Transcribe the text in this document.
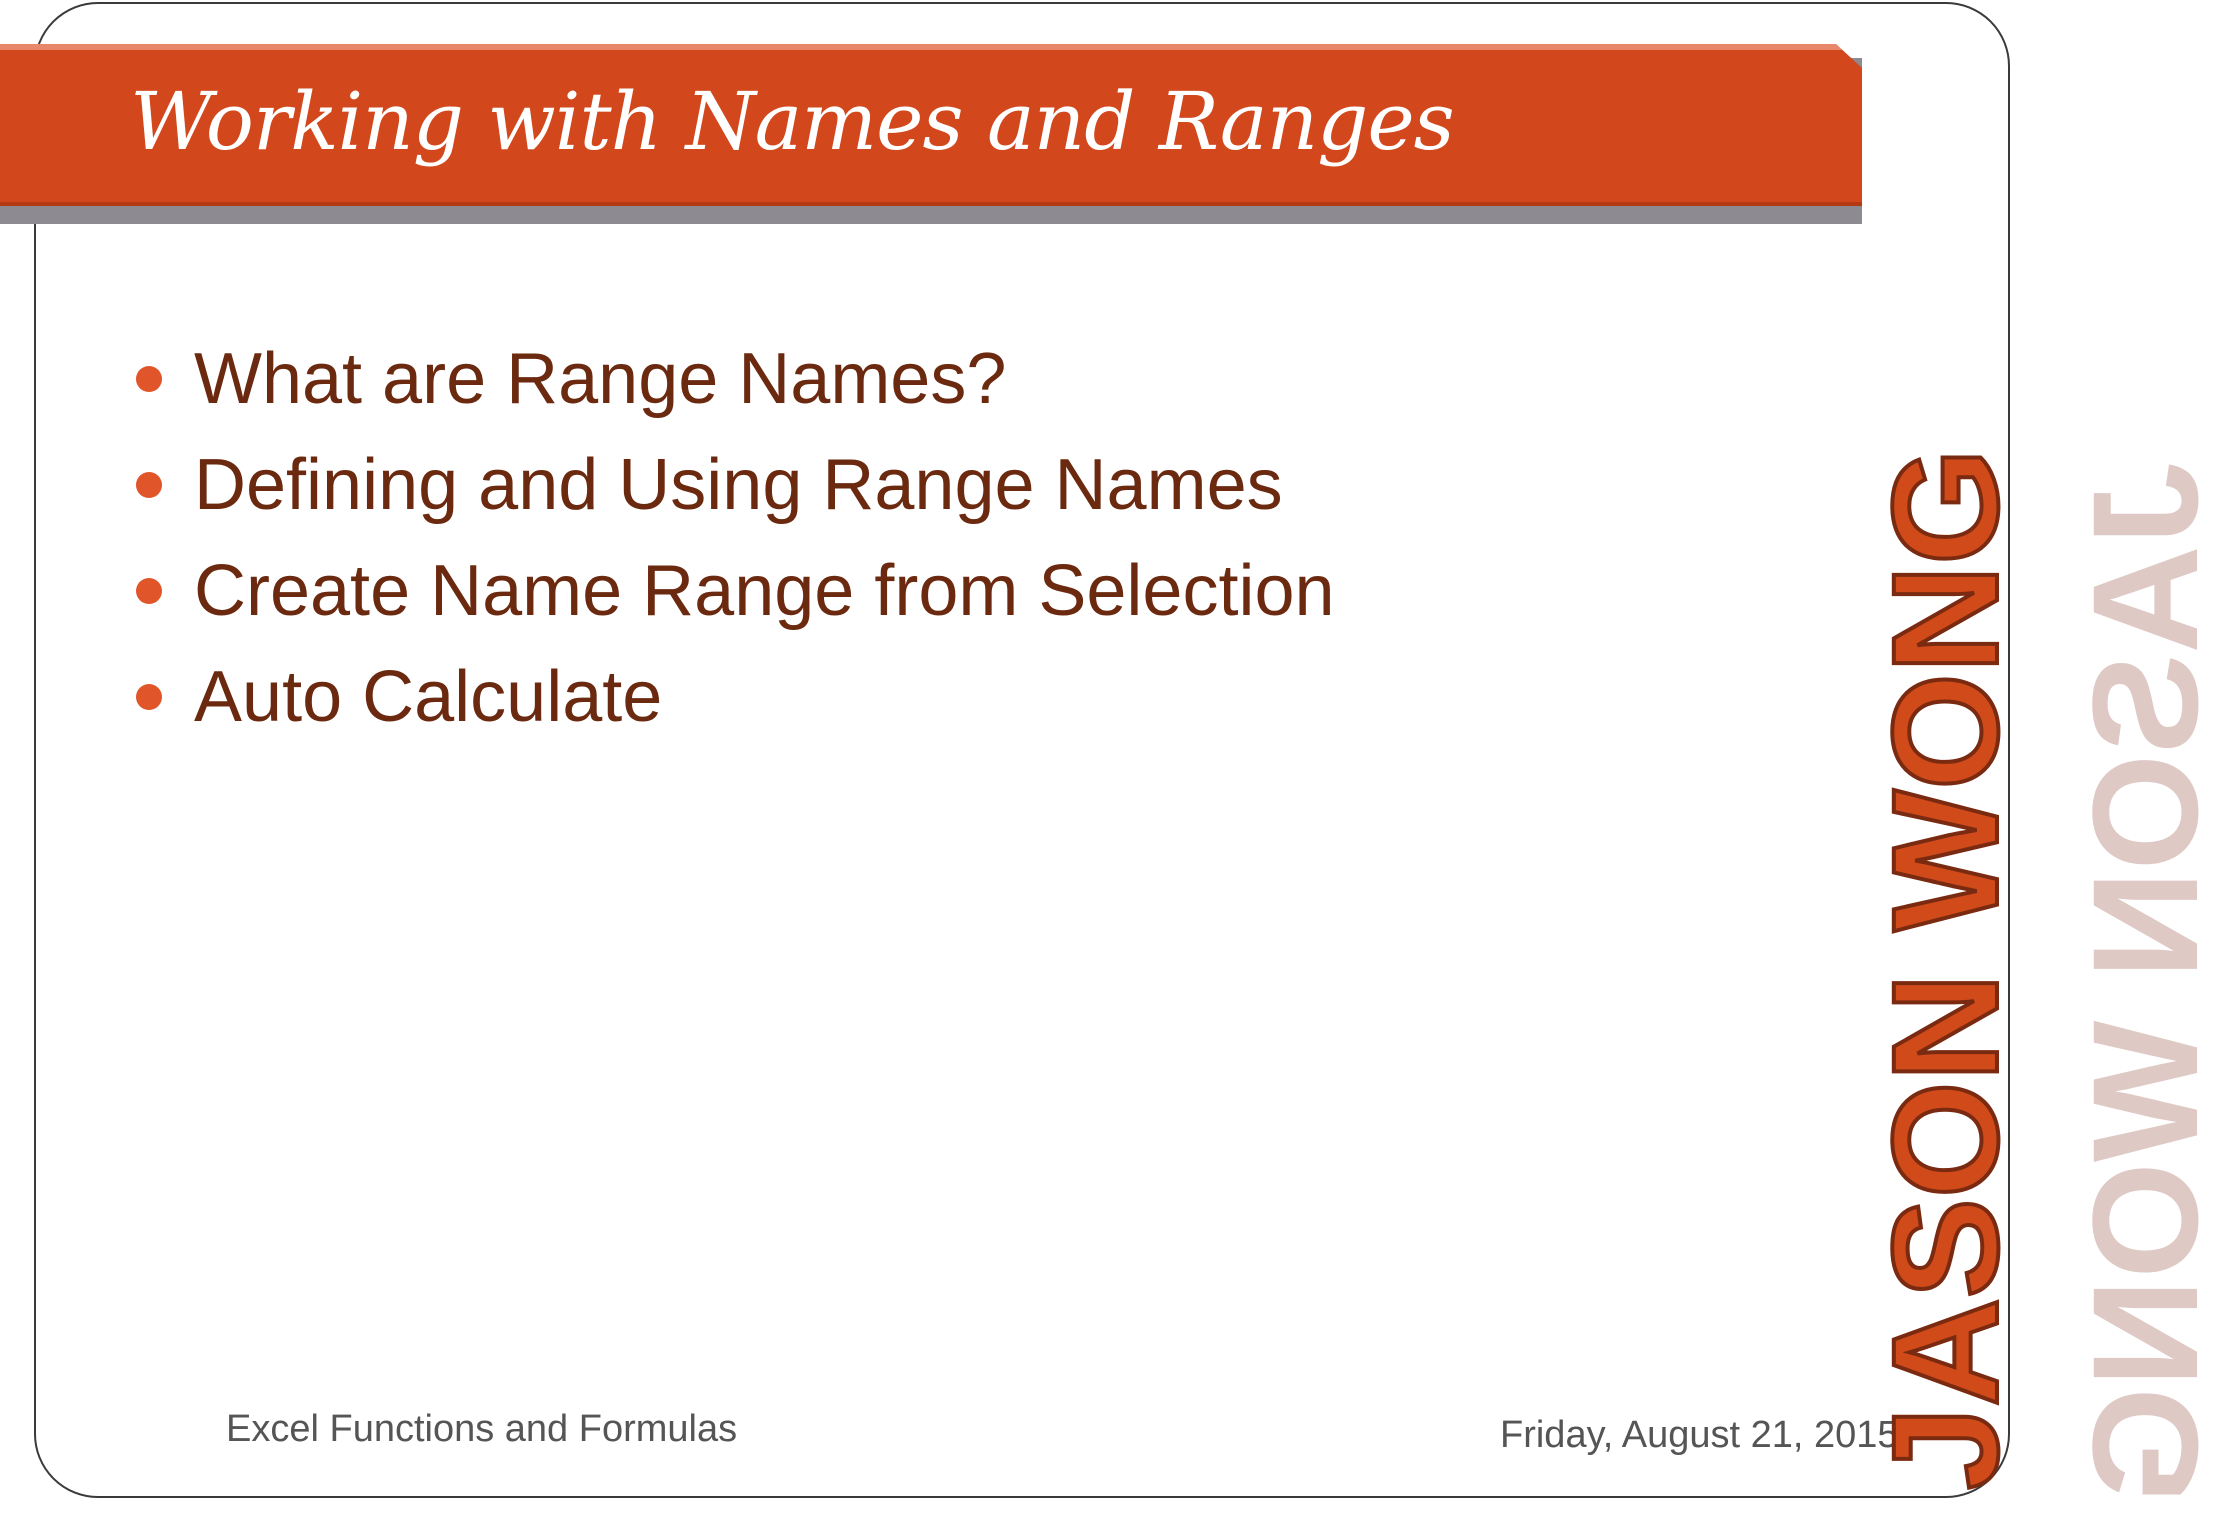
Working with Names and Ranges
What are Range Names?
Defining and Using Range Names
Create Name Range from Selection
Auto Calculate
Excel Functions and Formulas	Friday, August 21, 2015 JASON WONG
JASON WONG
